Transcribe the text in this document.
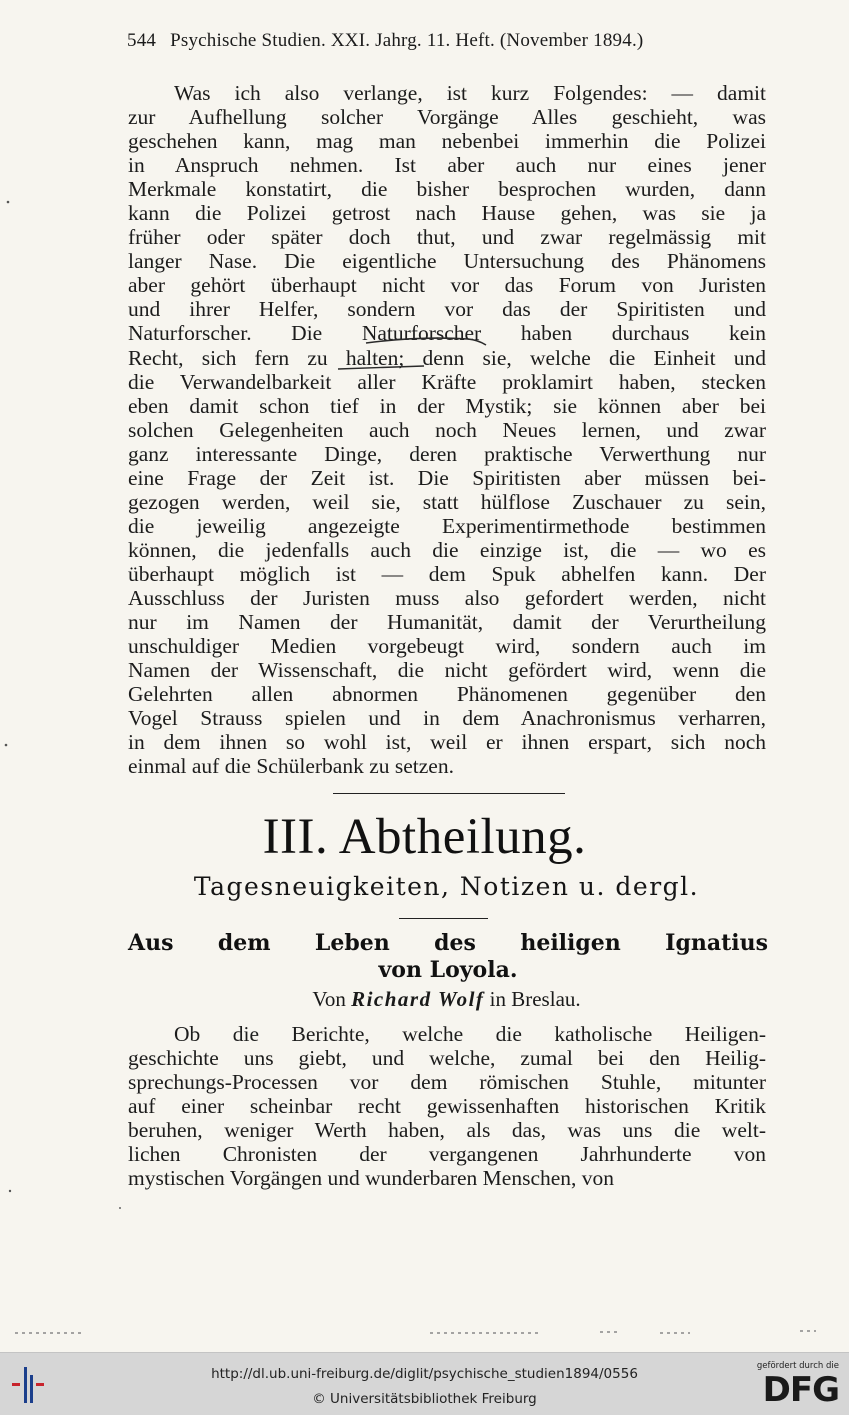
544 Psychische Studien. XXI. Jahrg. 11. Heft. (November 1894.)
Was ich also verlange, ist kurz Folgendes: — damit
zur Aufhellung solcher Vorgänge Alles geschieht, was
geschehen kann, mag man nebenbei immerhin die Polizei
in Anspruch nehmen. Ist aber auch nur eines jener
Merkmale konstatirt, die bisher besprochen wurden, dann
kann die Polizei getrost nach Hause gehen, was sie ja
früher oder später doch thut, und zwar regelmässig mit
langer Nase. Die eigentliche Untersuchung des Phänomens
aber gehört überhaupt nicht vor das Forum von Juristen
und ihrer Helfer, sondern vor das der Spiritisten und
Naturforscher. Die Naturforscher haben durchaus kein
Recht, sich fern zu halten; denn sie, welche die Einheit und
die Verwandelbarkeit aller Kräfte proklamirt haben, stecken
eben damit schon tief in der Mystik; sie können aber bei
solchen Gelegenheiten auch noch Neues lernen, und zwar
ganz interessante Dinge, deren praktische Verwerthung nur
eine Frage der Zeit ist. Die Spiritisten aber müssen bei-
gezogen werden, weil sie, statt hülflose Zuschauer zu sein,
die jeweilig angezeigte Experimentirmethode bestimmen
können, die jedenfalls auch die einzige ist, die — wo es
überhaupt möglich ist — dem Spuk abhelfen kann. Der
Ausschluss der Juristen muss also gefordert werden, nicht
nur im Namen der Humanität, damit der Verurtheilung
unschuldiger Medien vorgebeugt wird, sondern auch im
Namen der Wissenschaft, die nicht gefördert wird, wenn die
Gelehrten allen abnormen Phänomenen gegenüber den
Vogel Strauss spielen und in dem Anachronismus verharren,
in dem ihnen so wohl ist, weil er ihnen erspart, sich noch
einmal auf die Schülerbank zu setzen.
III. Abtheilung.
Tagesneuigkeiten, Notizen u. dergl.
Aus dem Leben des heiligen Ignatius
von Loyola.
Von Richard Wolf in Breslau.
Ob die Berichte, welche die katholische Heiligen-
geschichte uns giebt, und welche, zumal bei den Heilig-
sprechungs-Processen vor dem römischen Stuhle, mitunter
auf einer scheinbar recht gewissenhaften historischen Kritik
beruhen, weniger Werth haben, als das, was uns die welt-
lichen Chronisten der vergangenen Jahrhunderte von
mystischen Vorgängen und wunderbaren Menschen, von
http://dl.ub.uni-freiburg.de/diglit/psychische_studien1894/0556
© Universitätsbibliothek Freiburg
gefördert durch die
DFG
